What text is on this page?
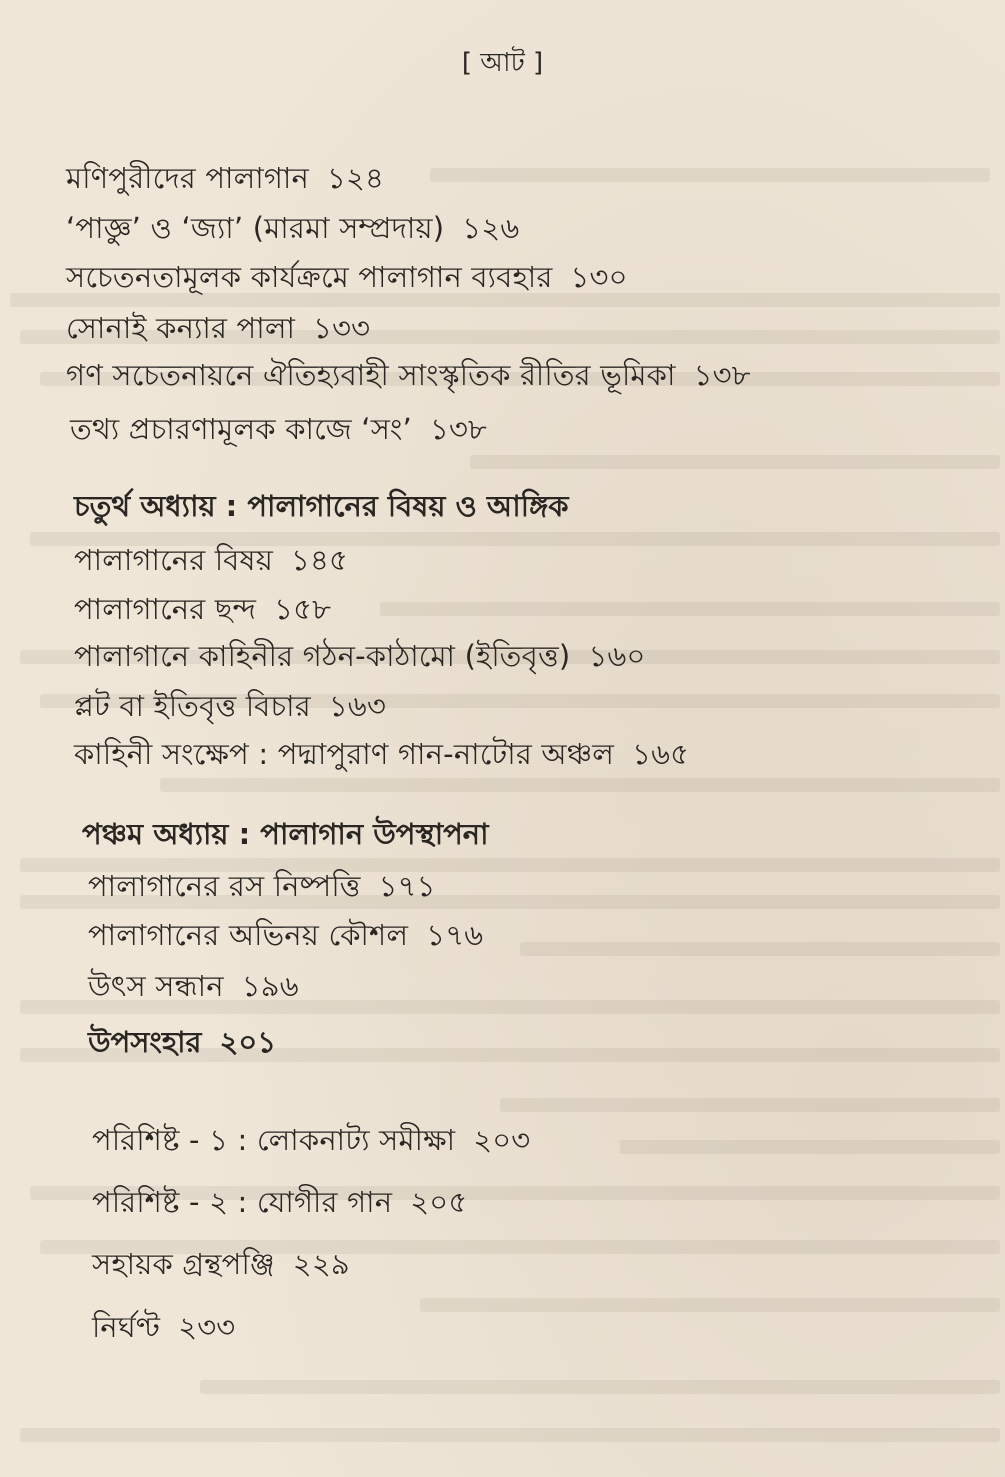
[ আট ]
মণিপুরীদের পালাগান ১২৪
‘পাজ্ঞু’ ও ‘জ্যা’ (মারমা সম্প্রদায়) ১২৬
সচেতনতামূলক কার্যক্রমে পালাগান ব্যবহার ১৩০
সোনাই কন্যার পালা ১৩৩
গণ সচেতনায়নে ঐতিহ্যবাহী সাংস্কৃতিক রীতির ভূমিকা ১৩৮
তথ্য প্রচারণামূলক কাজে ‘সং’ ১৩৮
চতুর্থ অধ্যায় : পালাগানের বিষয় ও আঙ্গিক
পালাগানের বিষয় ১৪৫
পালাগানের ছন্দ ১৫৮
পালাগানে কাহিনীর গঠন-কাঠামো (ইতিবৃত্ত) ১৬০
প্লট বা ইতিবৃত্ত বিচার ১৬৩
কাহিনী সংক্ষেপ : পদ্মাপুরাণ গান-নাটোর অঞ্চল ১৬৫
পঞ্চম অধ্যায় : পালাগান উপস্থাপনা
পালাগানের রস নিষ্পত্তি ১৭১
পালাগানের অভিনয় কৌশল ১৭৬
উৎস সন্ধান ১৯৬
উপসংহার ২০১
পরিশিষ্ট - ১ : লোকনাট্য সমীক্ষা ২০৩
পরিশিষ্ট - ২ : যোগীর গান ২০৫
সহায়ক গ্রন্থপঞ্জি ২২৯
নির্ঘণ্ট ২৩৩
